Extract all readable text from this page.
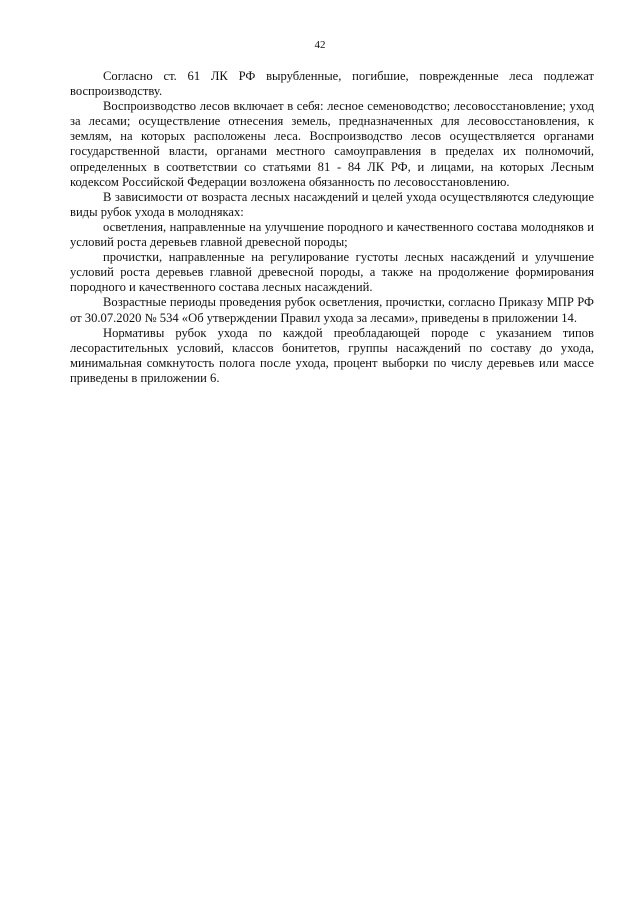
42

Согласно ст. 61 ЛК РФ вырубленные, погибшие, поврежденные леса подлежат воспроизводству.

Воспроизводство лесов включает в себя: лесное семеноводство; лесовосстановление; уход за лесами; осуществление отнесения земель, предназначенных для лесовосстановления, к землям, на которых расположены леса. Воспроизводство лесов осуществляется органами государственной власти, органами местного самоуправления в пределах их полномочий, определенных в соответствии со статьями 81 - 84 ЛК РФ, и лицами, на которых Лесным кодексом Российской Федерации возложена обязанность по лесовосстановлению.

В зависимости от возраста лесных насаждений и целей ухода осуществляются следующие виды рубок ухода в молодняках:

осветления, направленные на улучшение породного и качественного состава молодняков и условий роста деревьев главной древесной породы;

прочистки, направленные на регулирование густоты лесных насаждений и улучшение условий роста деревьев главной древесной породы, а также на продолжение формирования породного и качественного состава лесных насаждений.

Возрастные периоды проведения рубок осветления, прочистки, согласно Приказу МПР РФ от 30.07.2020 № 534 «Об утверждении Правил ухода за лесами», приведены в приложении 14.

Нормативы рубок ухода по каждой преобладающей породе с указанием типов лесорастительных условий, классов бонитетов, группы насаждений по составу до ухода, минимальная сомкнутость полога после ухода, процент выборки по числу деревьев или массе приведены в приложении 6.
